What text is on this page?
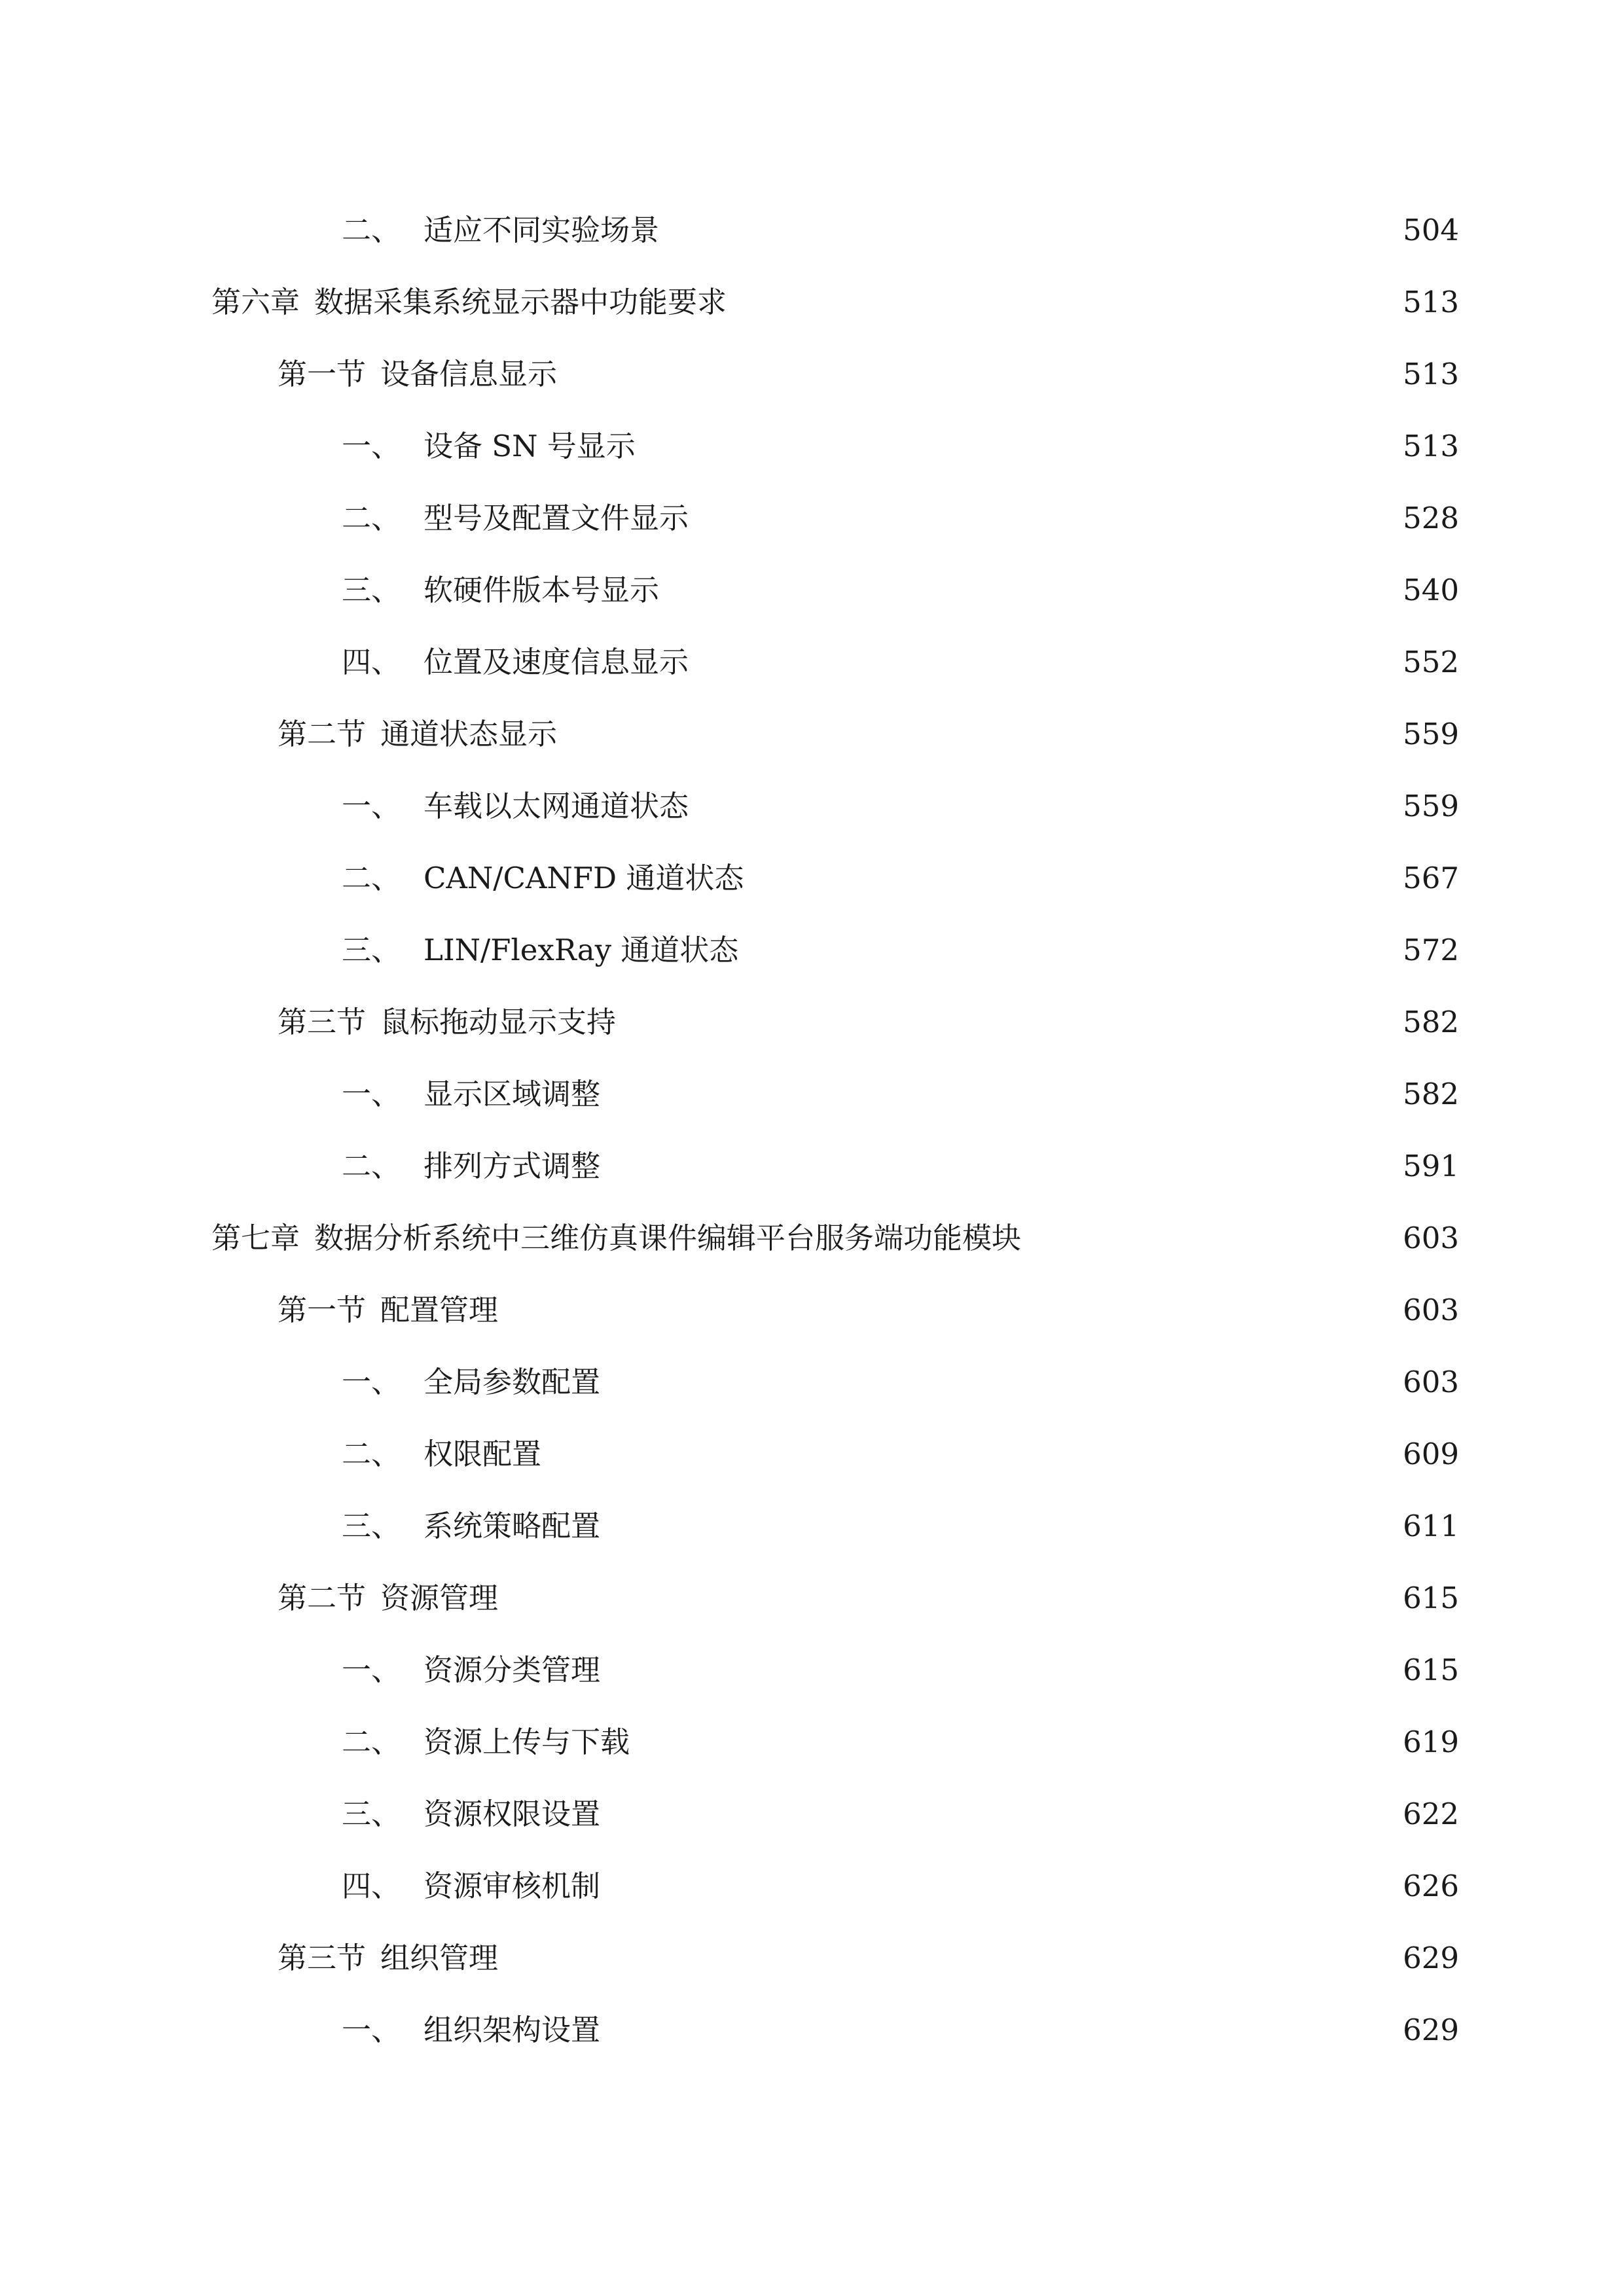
二、 适应不同实验场景	504
第六章 数据采集系统显示器中功能要求	513
第一节 设备信息显示	513
一、 设备 SN 号显示	513
二、 型号及配置文件显示	528
三、 软硬件版本号显示	540
四、 位置及速度信息显示	552
第二节 通道状态显示	559
一、 车载以太网通道状态	559
二、 CAN/CANFD 通道状态	567
三、 LIN/FlexRay 通道状态	572
第三节 鼠标拖动显示支持	582
一、 显示区域调整	582
二、 排列方式调整	591
第七章 数据分析系统中三维仿真课件编辑平台服务端功能模块	603
第一节 配置管理	603
一、 全局参数配置	603
二、 权限配置	609
三、 系统策略配置	611
第二节 资源管理	615
一、 资源分类管理	615
二、 资源上传与下载	619
三、 资源权限设置	622
四、 资源审核机制	626
第三节 组织管理	629
一、 组织架构设置	629
